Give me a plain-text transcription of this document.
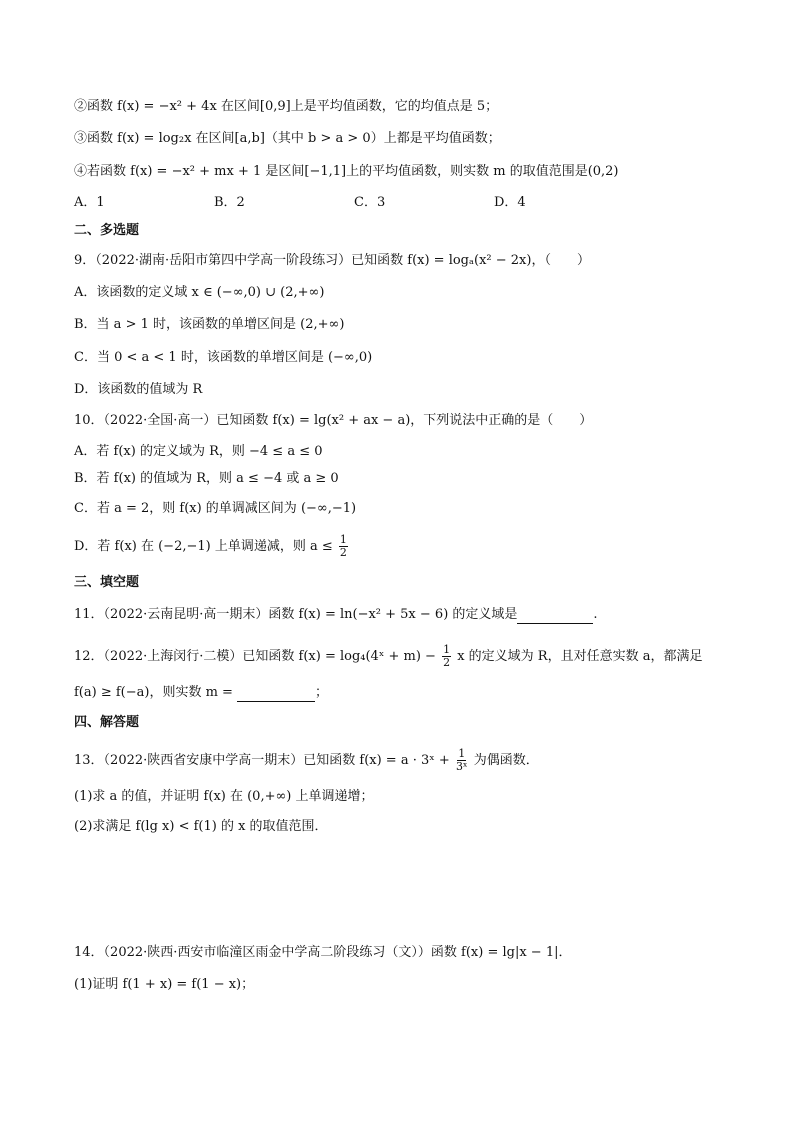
②函数 f(x) = −x² + 4x 在区间[0,9]上是平均值函数，它的均值点是 5；
③函数 f(x) = log₂x 在区间[a,b]（其中 b > a > 0）上都是平均值函数；
④若函数 f(x) = −x² + mx + 1 是区间[−1,1]上的平均值函数，则实数 m 的取值范围是(0,2)
A．1	B．2	C．3	D．4
二、多选题
9．（2022·湖南·岳阳市第四中学高一阶段练习）已知函数 f(x) = logₐ(x² − 2x)，（　　）
A．该函数的定义域 x ∈ (−∞,0) ∪ (2,+∞)
B．当 a > 1 时，该函数的单增区间是 (2,+∞)
C．当 0 < a < 1 时，该函数的单增区间是 (−∞,0)
D．该函数的值域为 R
10．（2022·全国·高一）已知函数 f(x) = lg(x² + ax − a)，下列说法中正确的是（　　）
A．若 f(x) 的定义域为 R，则 −4 ≤ a ≤ 0
B．若 f(x) 的值域为 R，则 a ≤ −4 或 a ≥ 0
C．若 a = 2，则 f(x) 的单调减区间为 (−∞,−1)
D．若 f(x) 在 (−2,−1) 上单调递减，则 $a \le \frac{1}{2}$
三、填空题
11．（2022·云南昆明·高一期末）函数 f(x) = ln(−x² + 5x − 6) 的定义域是	.
12．（2022·上海闵行·二模）已知函数 f(x) = log₄(4ˣ + $m) - \frac{1}{2}$ x 的定义域为 R，且对任意实数 a，都满足
f(a) ≥ f(−a)，则实数 m =	；
四、解答题
13．（2022·陕西省安康中学高一期末）已知函数 f(x) = a · 3ˣ + $\frac{1}{\text{3ˣ}}$ 为偶函数．
(1)求 a 的值，并证明 f(x) 在 (0,+∞) 上单调递增；
(2)求满足 f(lg x) < f(1) 的 x 的取值范围．
14．（2022·陕西·西安市临潼区雨金中学高二阶段练习（文））函数 f(x) = lg|x − 1|．
(1)证明 f(1 + x) = f(1 − x)；
